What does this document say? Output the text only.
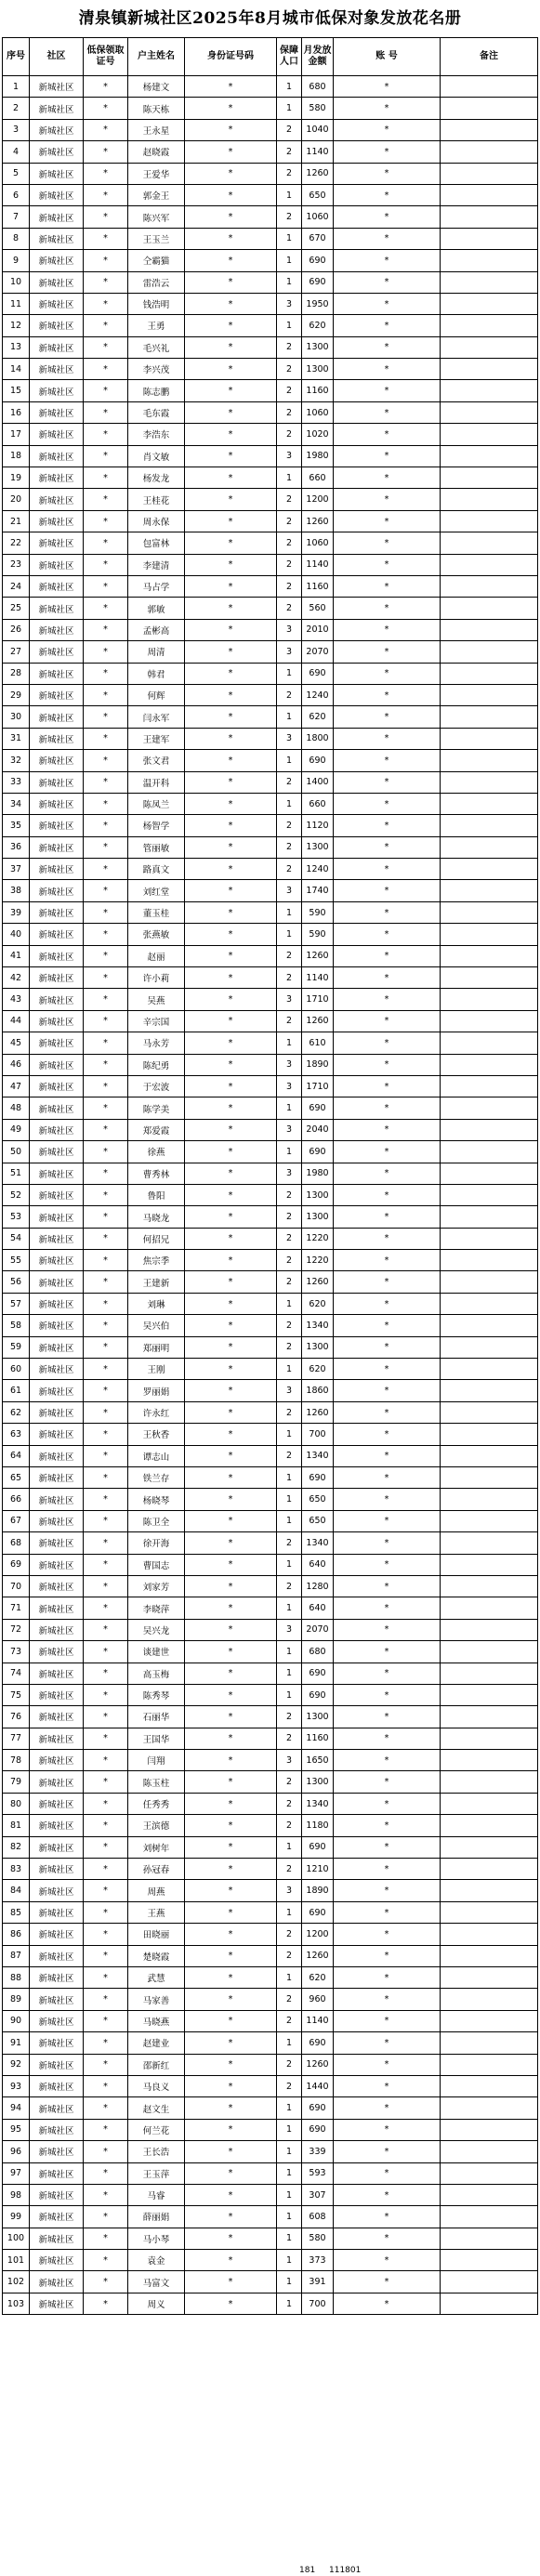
清泉镇新城社区2025年8月城市低保对象发放花名册
序号	社区	低保领取证号	户主姓名	身份证号码	保障人口	月发放金额	账 号	备注
1	新城社区	*	杨建文	*	1	680	*	
2	新城社区	*	陈天栋	*	1	580	*	
3	新城社区	*	王永星	*	2	1040	*	
4	新城社区	*	赵晓霞	*	2	1140	*	
5	新城社区	*	王爱华	*	2	1260	*	
6	新城社区	*	郭金王	*	1	650	*	
7	新城社区	*	陈兴军	*	2	1060	*	
8	新城社区	*	王玉兰	*	1	670	*	
9	新城社区	*	仝霸猫	*	1	690	*	
10	新城社区	*	雷浩云	*	1	690	*	
11	新城社区	*	钱浩明	*	3	1950	*	
12	新城社区	*	王勇	*	1	620	*	
13	新城社区	*	毛兴礼	*	2	1300	*	
14	新城社区	*	李兴茂	*	2	1300	*	
15	新城社区	*	陈志鹏	*	2	1160	*	
16	新城社区	*	毛东霞	*	2	1060	*	
17	新城社区	*	李浩东	*	2	1020	*	
18	新城社区	*	肖文敏	*	3	1980	*	
19	新城社区	*	杨发龙	*	1	660	*	
20	新城社区	*	王桂花	*	2	1200	*	
21	新城社区	*	周永保	*	2	1260	*	
22	新城社区	*	包富林	*	2	1060	*	
23	新城社区	*	李建清	*	2	1140	*	
24	新城社区	*	马占学	*	2	1160	*	
25	新城社区	*	郭敏	*	2	560	*	
26	新城社区	*	孟彬高	*	3	2010	*	
27	新城社区	*	周清	*	3	2070	*	
28	新城社区	*	韩君	*	1	690	*	
29	新城社区	*	何辉	*	2	1240	*	
30	新城社区	*	闫永军	*	1	620	*	
31	新城社区	*	王建军	*	3	1800	*	
32	新城社区	*	张文君	*	1	690	*	
33	新城社区	*	温开科	*	2	1400	*	
34	新城社区	*	陈凤兰	*	1	660	*	
35	新城社区	*	杨智学	*	2	1120	*	
36	新城社区	*	管丽敏	*	2	1300	*	
37	新城社区	*	路真文	*	2	1240	*	
38	新城社区	*	刘红堂	*	3	1740	*	
39	新城社区	*	董玉桂	*	1	590	*	
40	新城社区	*	张燕敏	*	1	590	*	
41	新城社区	*	赵丽	*	2	1260	*	
42	新城社区	*	许小莉	*	2	1140	*	
43	新城社区	*	吴燕	*	3	1710	*	
44	新城社区	*	辛宗国	*	2	1260	*	
45	新城社区	*	马永芳	*	1	610	*	
46	新城社区	*	陈纪勇	*	3	1890	*	
47	新城社区	*	于宏波	*	3	1710	*	
48	新城社区	*	陈学美	*	1	690	*	
49	新城社区	*	郑爱霞	*	3	2040	*	
50	新城社区	*	徐燕	*	1	690	*	
51	新城社区	*	曹秀林	*	3	1980	*	
52	新城社区	*	鲁阳	*	2	1300	*	
53	新城社区	*	马晓龙	*	2	1300	*	
54	新城社区	*	何招兄	*	2	1220	*	
55	新城社区	*	焦宗季	*	2	1220	*	
56	新城社区	*	王建新	*	2	1260	*	
57	新城社区	*	刘琳	*	1	620	*	
58	新城社区	*	吴兴伯	*	2	1340	*	
59	新城社区	*	郑丽明	*	2	1300	*	
60	新城社区	*	王刚	*	1	620	*	
61	新城社区	*	罗丽娟	*	3	1860	*	
62	新城社区	*	许永红	*	2	1260	*	
63	新城社区	*	王秋香	*	1	700	*	
64	新城社区	*	谭志山	*	2	1340	*	
65	新城社区	*	铁兰存	*	1	690	*	
66	新城社区	*	杨晓琴	*	1	650	*	
67	新城社区	*	陈卫全	*	1	650	*	
68	新城社区	*	徐开海	*	2	1340	*	
69	新城社区	*	曹国志	*	1	640	*	
70	新城社区	*	刘家芳	*	2	1280	*	
71	新城社区	*	李晓萍	*	1	640	*	
72	新城社区	*	吴兴龙	*	3	2070	*	
73	新城社区	*	谈建世	*	1	680	*	
74	新城社区	*	高玉梅	*	1	690	*	
75	新城社区	*	陈秀琴	*	1	690	*	
76	新城社区	*	石丽华	*	2	1300	*	
77	新城社区	*	王国华	*	2	1160	*	
78	新城社区	*	闫翔	*	3	1650	*	
79	新城社区	*	陈玉柱	*	2	1300	*	
80	新城社区	*	任秀秀	*	2	1340	*	
81	新城社区	*	王滨德	*	2	1180	*	
82	新城社区	*	刘树年	*	1	690	*	
83	新城社区	*	孙冠春	*	2	1210	*	
84	新城社区	*	周燕	*	3	1890	*	
85	新城社区	*	王燕	*	1	690	*	
86	新城社区	*	田晓丽	*	2	1200	*	
87	新城社区	*	楚晓霞	*	2	1260	*	
88	新城社区	*	武慧	*	1	620	*	
89	新城社区	*	马家善	*	2	960	*	
90	新城社区	*	马晓燕	*	2	1140	*	
91	新城社区	*	赵建业	*	1	690	*	
92	新城社区	*	邵新红	*	2	1260	*	
93	新城社区	*	马良义	*	2	1440	*	
94	新城社区	*	赵文生	*	1	690	*	
95	新城社区	*	何兰花	*	1	690	*	
96	新城社区	*	王长浩	*	1	339	*	
97	新城社区	*	王玉萍	*	1	593	*	
98	新城社区	*	马睿	*	1	307	*	
99	新城社区	*	薛丽娟	*	1	608	*	
100	新城社区	*	马小琴	*	1	580	*	
101	新城社区	*	袁金	*	1	373	*	
102	新城社区	*	马富文	*	1	391	*	
103	新城社区	*	周义	*	1	700	*	
181 111801
